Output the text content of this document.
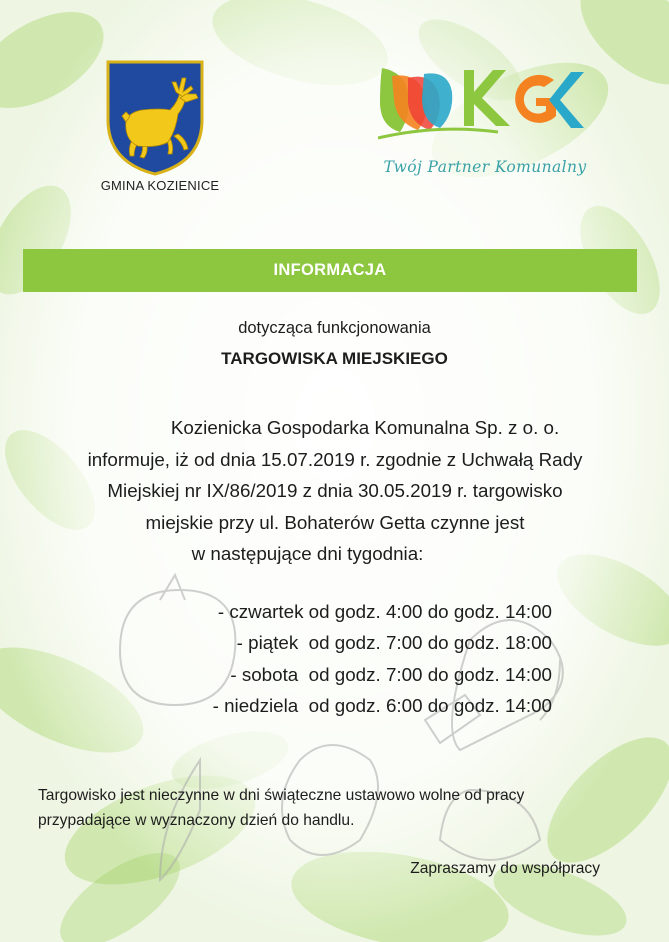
GMINA KOZIENICE
Twój Partner Komunalny
INFORMACJA
dotycząca funkcjonowania
TARGOWISKA MIEJSKIEGO
Kozienicka Gospodarka Komunalna Sp. z o. o.
informuje, iż od dnia 15.07.2019 r. zgodnie z Uchwałą Rady
Miejskiej nr IX/86/2019 z dnia 30.05.2019 r. targowisko
miejskie przy ul. Bohaterów Getta czynne jest
w następujące dni tygodnia:
- czwartek od godz. 4:00 do godz. 14:00
- piątek  od godz. 7:00 do godz. 18:00
- sobota  od godz. 7:00 do godz. 14:00
- niedziela  od godz. 6:00 do godz. 14:00
Targowisko jest nieczynne w dni świąteczne ustawowo wolne od pracy
przypadające w wyznaczony dzień do handlu.
Zapraszamy do współpracy
